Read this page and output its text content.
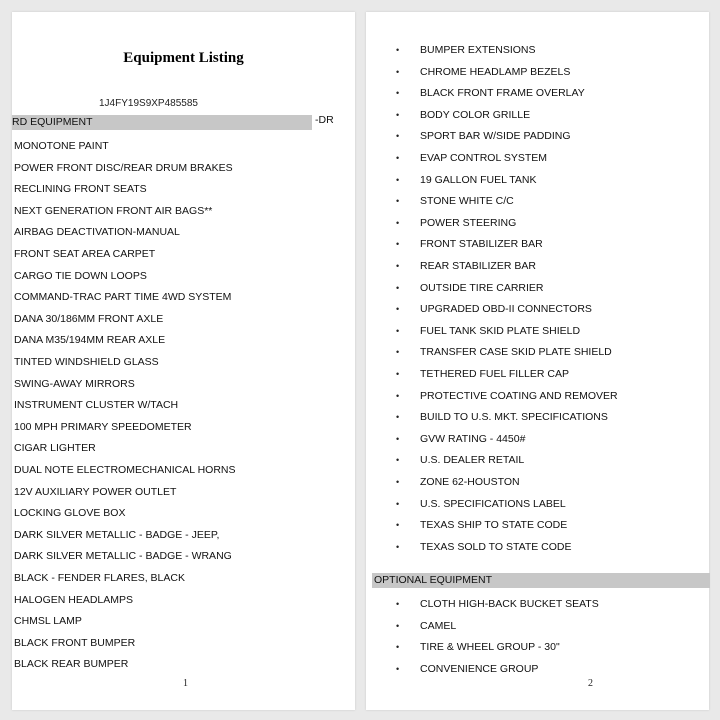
Equipment Listing
1J4FY19S9XP485585
RD EQUIPMENT	-DR
MONOTONE PAINT
POWER FRONT DISC/REAR DRUM BRAKES
RECLINING FRONT SEATS
NEXT GENERATION FRONT AIR BAGS**
AIRBAG DEACTIVATION-MANUAL
FRONT SEAT AREA CARPET
CARGO TIE DOWN LOOPS
COMMAND-TRAC PART TIME 4WD SYSTEM
DANA 30/186MM FRONT AXLE
DANA M35/194MM REAR AXLE
TINTED WINDSHIELD GLASS
SWING-AWAY MIRRORS
INSTRUMENT CLUSTER W/TACH
100 MPH PRIMARY SPEEDOMETER
CIGAR LIGHTER
DUAL NOTE ELECTROMECHANICAL HORNS
12V AUXILIARY POWER OUTLET
LOCKING GLOVE BOX
DARK SILVER METALLIC - BADGE - JEEP,
DARK SILVER METALLIC - BADGE - WRANG
BLACK - FENDER FLARES, BLACK
HALOGEN HEADLAMPS
CHMSL LAMP
BLACK FRONT BUMPER
BLACK REAR BUMPER
1
• BUMPER EXTENSIONS
• CHROME HEADLAMP BEZELS
• BLACK FRONT FRAME OVERLAY
• BODY COLOR GRILLE
• SPORT BAR W/SIDE PADDING
• EVAP CONTROL SYSTEM
• 19 GALLON FUEL TANK
• STONE WHITE C/C
• POWER STEERING
• FRONT STABILIZER BAR
• REAR STABILIZER BAR
• OUTSIDE TIRE CARRIER
• UPGRADED OBD-II CONNECTORS
• FUEL TANK SKID PLATE SHIELD
• TRANSFER CASE SKID PLATE SHIELD
• TETHERED FUEL FILLER CAP
• PROTECTIVE COATING AND REMOVER
• BUILD TO U.S. MKT. SPECIFICATIONS
• GVW RATING - 4450#
• U.S. DEALER RETAIL
• ZONE 62-HOUSTON
• U.S. SPECIFICATIONS LABEL
• TEXAS SHIP TO STATE CODE
• TEXAS SOLD TO STATE CODE
OPTIONAL EQUIPMENT
• CLOTH HIGH-BACK BUCKET SEATS
• CAMEL
• TIRE & WHEEL GROUP - 30"
• CONVENIENCE GROUP
2
